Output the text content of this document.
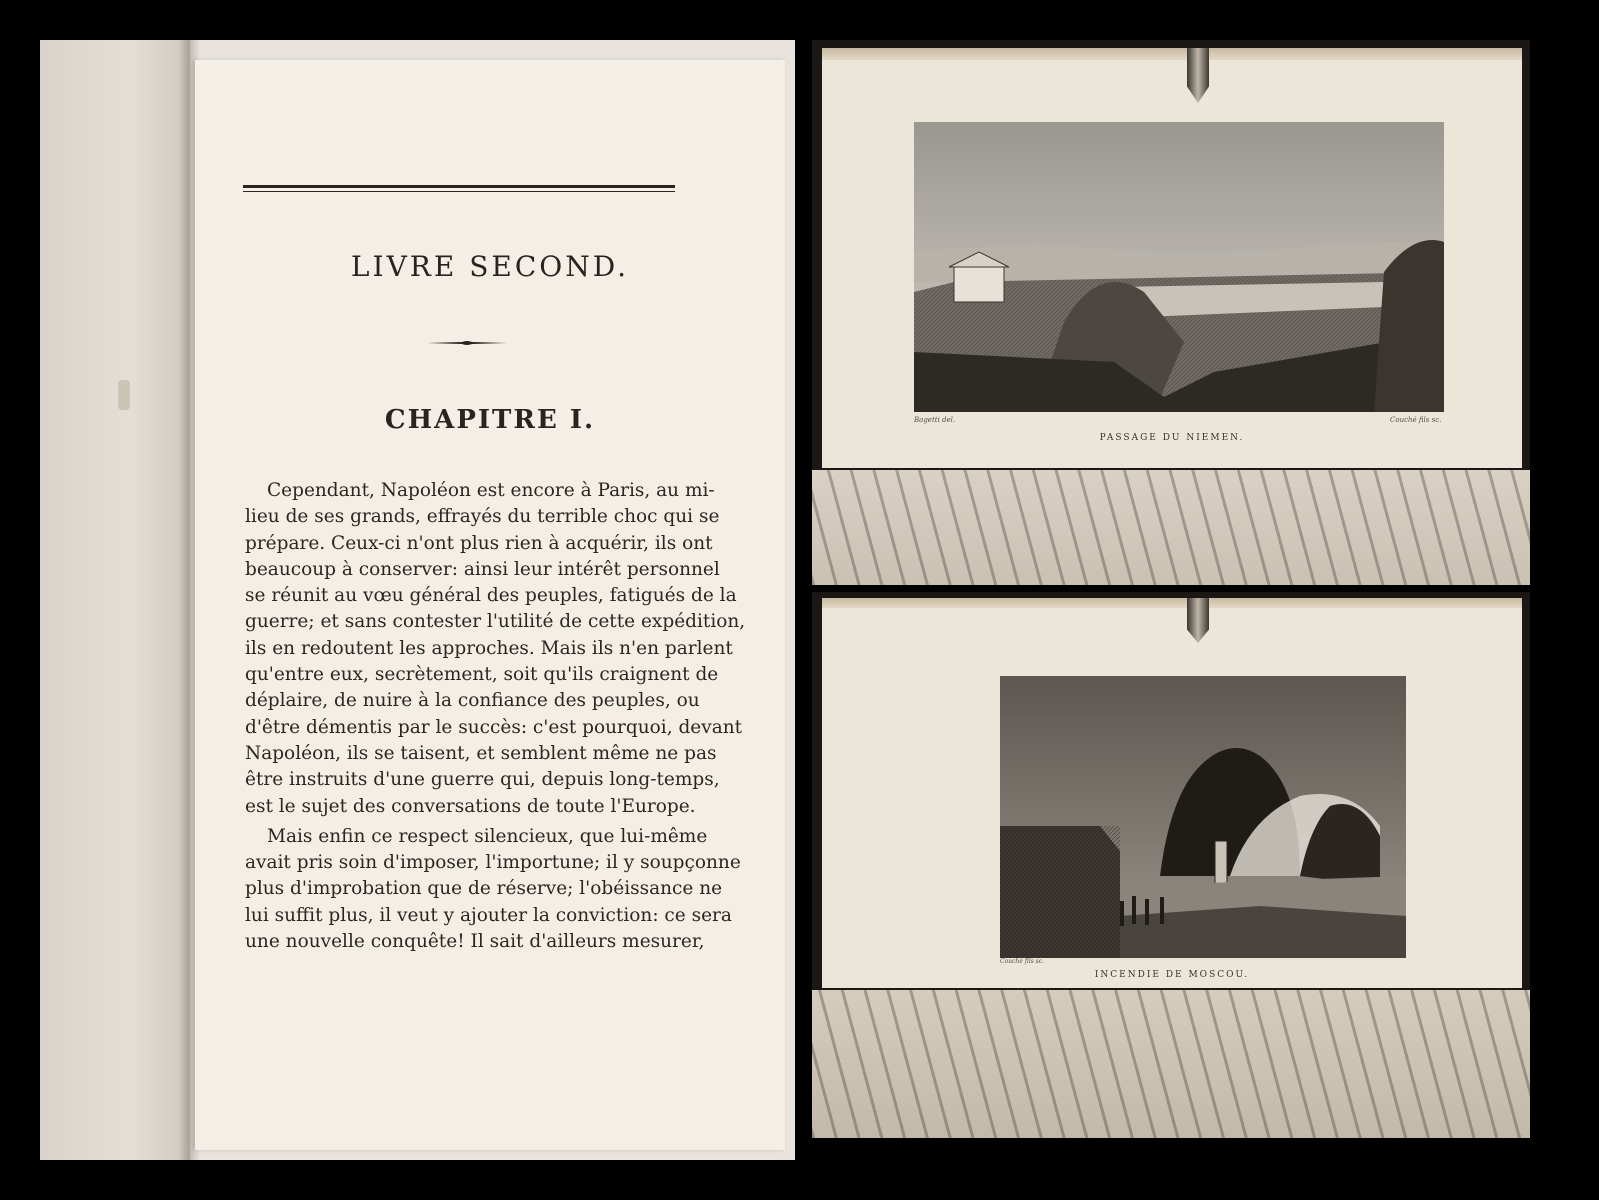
LIVRE SECOND.
CHAPITRE I.
Cependant, Napoléon est encore à Paris, au mi-
lieu de ses grands, effrayés du terrible choc qui se
prépare. Ceux-ci n'ont plus rien à acquérir, ils ont
beaucoup à conserver: ainsi leur intérêt personnel
se réunit au vœu général des peuples, fatigués de la
guerre; et sans contester l'utilité de cette expédition,
ils en redoutent les approches. Mais ils n'en parlent
qu'entre eux, secrètement, soit qu'ils craignent de
déplaire, de nuire à la confiance des peuples, ou
d'être démentis par le succès: c'est pourquoi, devant
Napoléon, ils se taisent, et semblent même ne pas
être instruits d'une guerre qui, depuis long-temps,
est le sujet des conversations de toute l'Europe.
Mais enfin ce respect silencieux, que lui-même
avait pris soin d'imposer, l'importune; il y soupçonne
plus d'improbation que de réserve; l'obéissance ne
lui suffit plus, il veut y ajouter la conviction: ce sera
une nouvelle conquête! Il sait d'ailleurs mesurer,
Bagetti del.	Couché fils sc.
PASSAGE DU NIEMEN.
Couché fils sc.
INCENDIE DE MOSCOU.
